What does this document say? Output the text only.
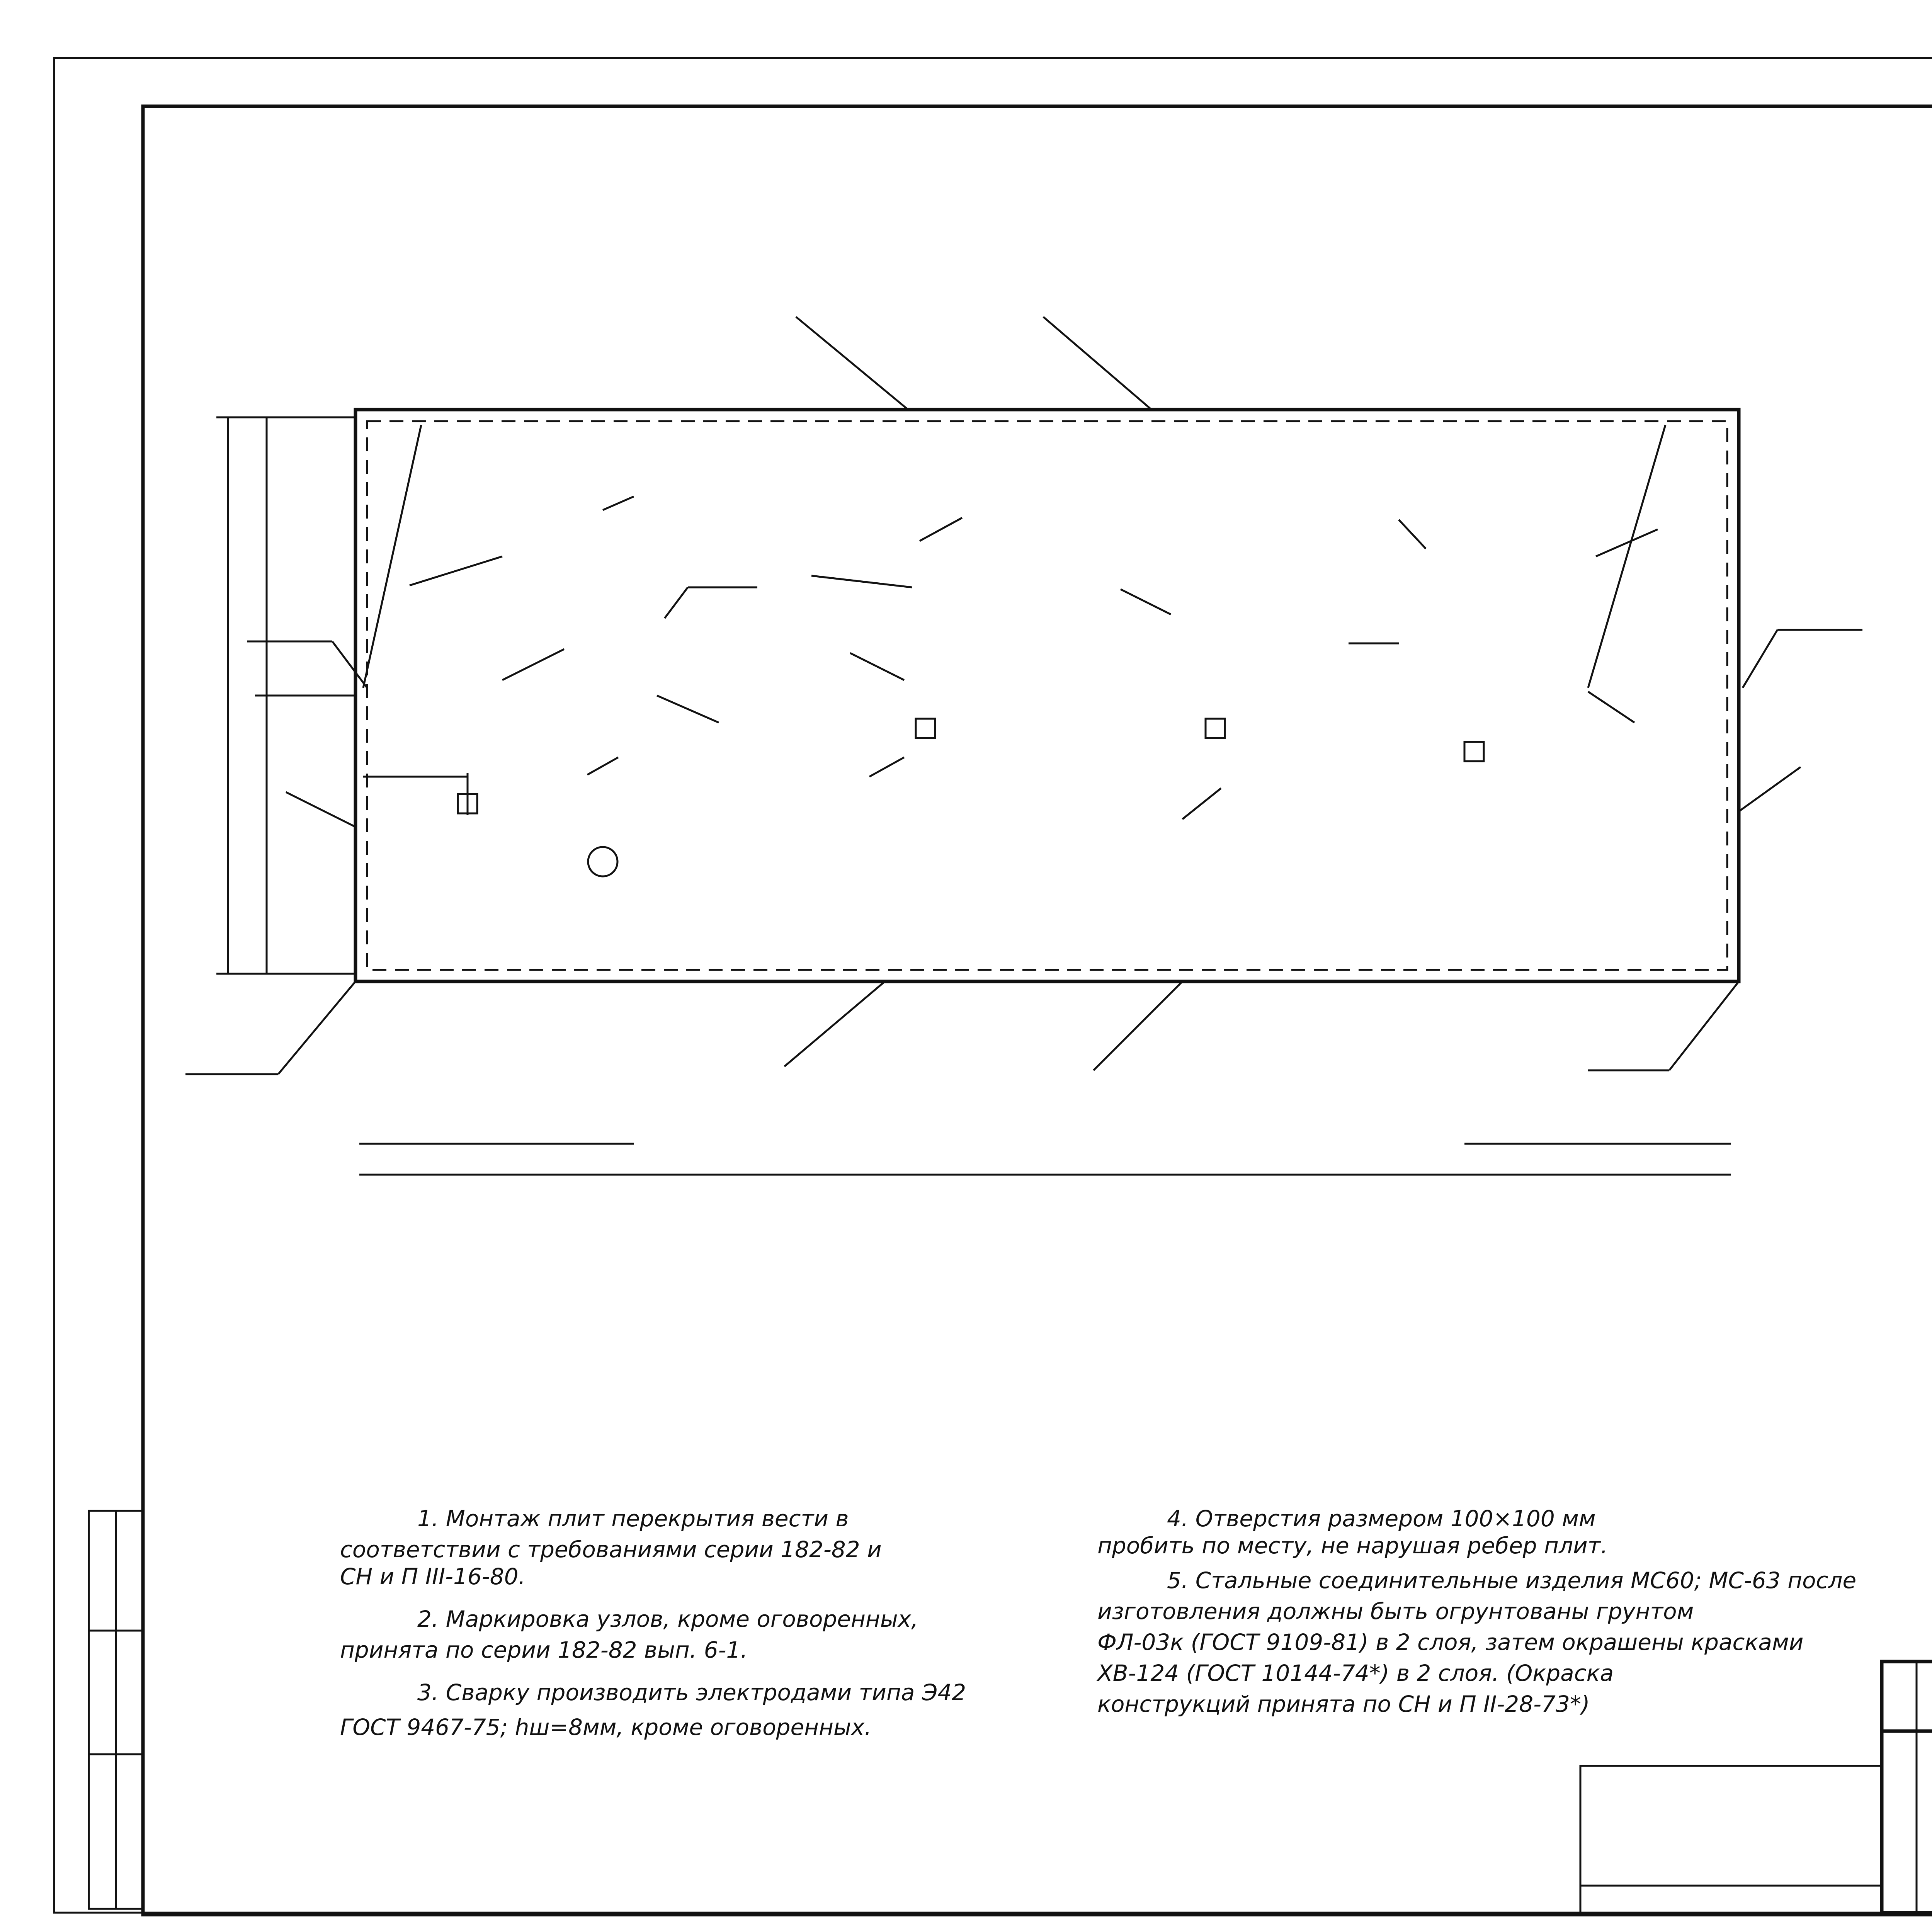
1. Монтаж плит перекрытия вести в
соответствии с требованиями серии 182-82 и
СН и П III-16-80.
2. Маркировка узлов, кроме оговоренных,
принята по серии 182-82 вып. 6-1.
3. Сварку производить электродами типа Э42
ГОСТ 9467-75; hш=8мм, кроме оговоренных.
4. Отверстия размером 100×100 мм
пробить по месту, не нарушая ребер плит.
5. Стальные соединительные изделия МС60; МС-63 после
изготовления должны быть огрунтованы грунтом
ФЛ-03к (ГОСТ 9109-81) в 2 слоя, затем окрашены красками
ХВ-124 (ГОСТ 10144-74*) в 2 слоя. (Окраска
конструкций принята по СН и П II-28-73*)
